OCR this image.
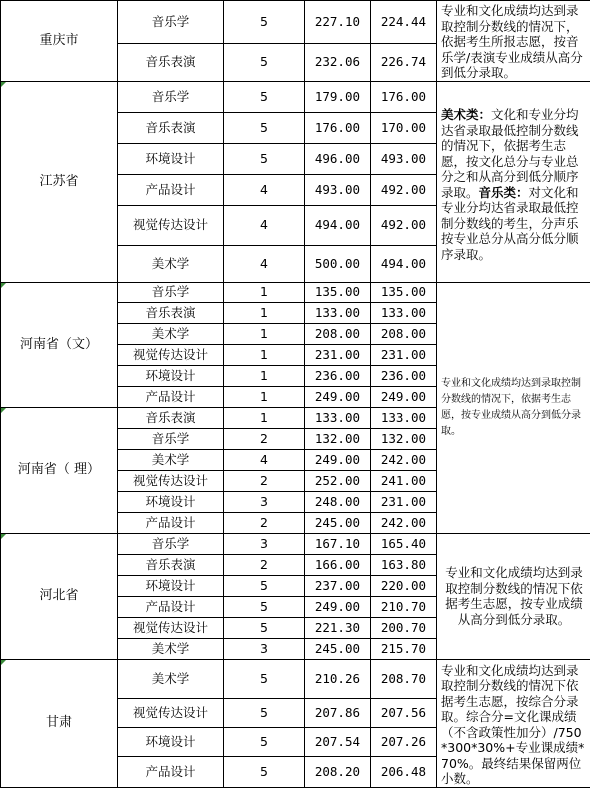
重庆市	音乐学	5	227.10	224.44	专业和文化成绩均达到录取控制分数线的情况下，依据考生所报志愿，按音乐学/表演专业成绩从高分到低分录取。
	音乐表演	5	232.06	226.74	
江苏省	音乐学	5	179.00	176.00	美术类：文化和专业分均达省录取最低控制分数线的情况下，依据考生志愿，按文化总分与专业总分之和从高分到低分顺序录取。音乐类：对文化和专业分均达省录取最低控制分数线的考生，分声乐按专业总分从高分低分顺序录取。
	音乐表演	5	176.00	170.00	
	环境设计	5	496.00	493.00	
	产品设计	4	493.00	492.00	
	视觉传达设计	4	494.00	492.00	
	美术学	4	500.00	494.00	
河南省（文）	音乐学	1	135.00	135.00	专业和文化成绩均达到录取控制分数线的情况下，依据考生志愿，按专业成绩从高分到低分录取。
	音乐表演	1	133.00	133.00	
	美术学	1	208.00	208.00	
	视觉传达设计	1	231.00	231.00	
	环境设计	1	236.00	236.00	
	产品设计	1	249.00	249.00	
河南省（ 理）	音乐表演	1	133.00	133.00	
	音乐学	2	132.00	132.00	
	美术学	4	249.00	242.00	
	视觉传达设计	2	252.00	241.00	
	环境设计	3	248.00	231.00	
	产品设计	2	245.00	242.00	
河北省	音乐学	3	167.10	165.40	专业和文化成绩均达到录取控制分数线的情况下依据考生志愿，按专业成绩从高分到低分录取。
	音乐表演	2	166.00	163.80	
	环境设计	5	237.00	220.00	
	产品设计	5	249.00	210.70	
	视觉传达设计	5	221.30	200.70	
	美术学	3	245.00	215.70	
甘肃	美术学	5	210.26	208.70	专业和文化成绩均达到录取控制分数线的情况下依据考生志愿，按综合分录取。综合分=文化课成绩（不含政策性加分）/750*300*30%+专业课成绩*70%。最终结果保留两位小数。
	视觉传达设计	5	207.86	207.56	
	环境设计	5	207.54	207.26	
	产品设计	5	208.20	206.48	
